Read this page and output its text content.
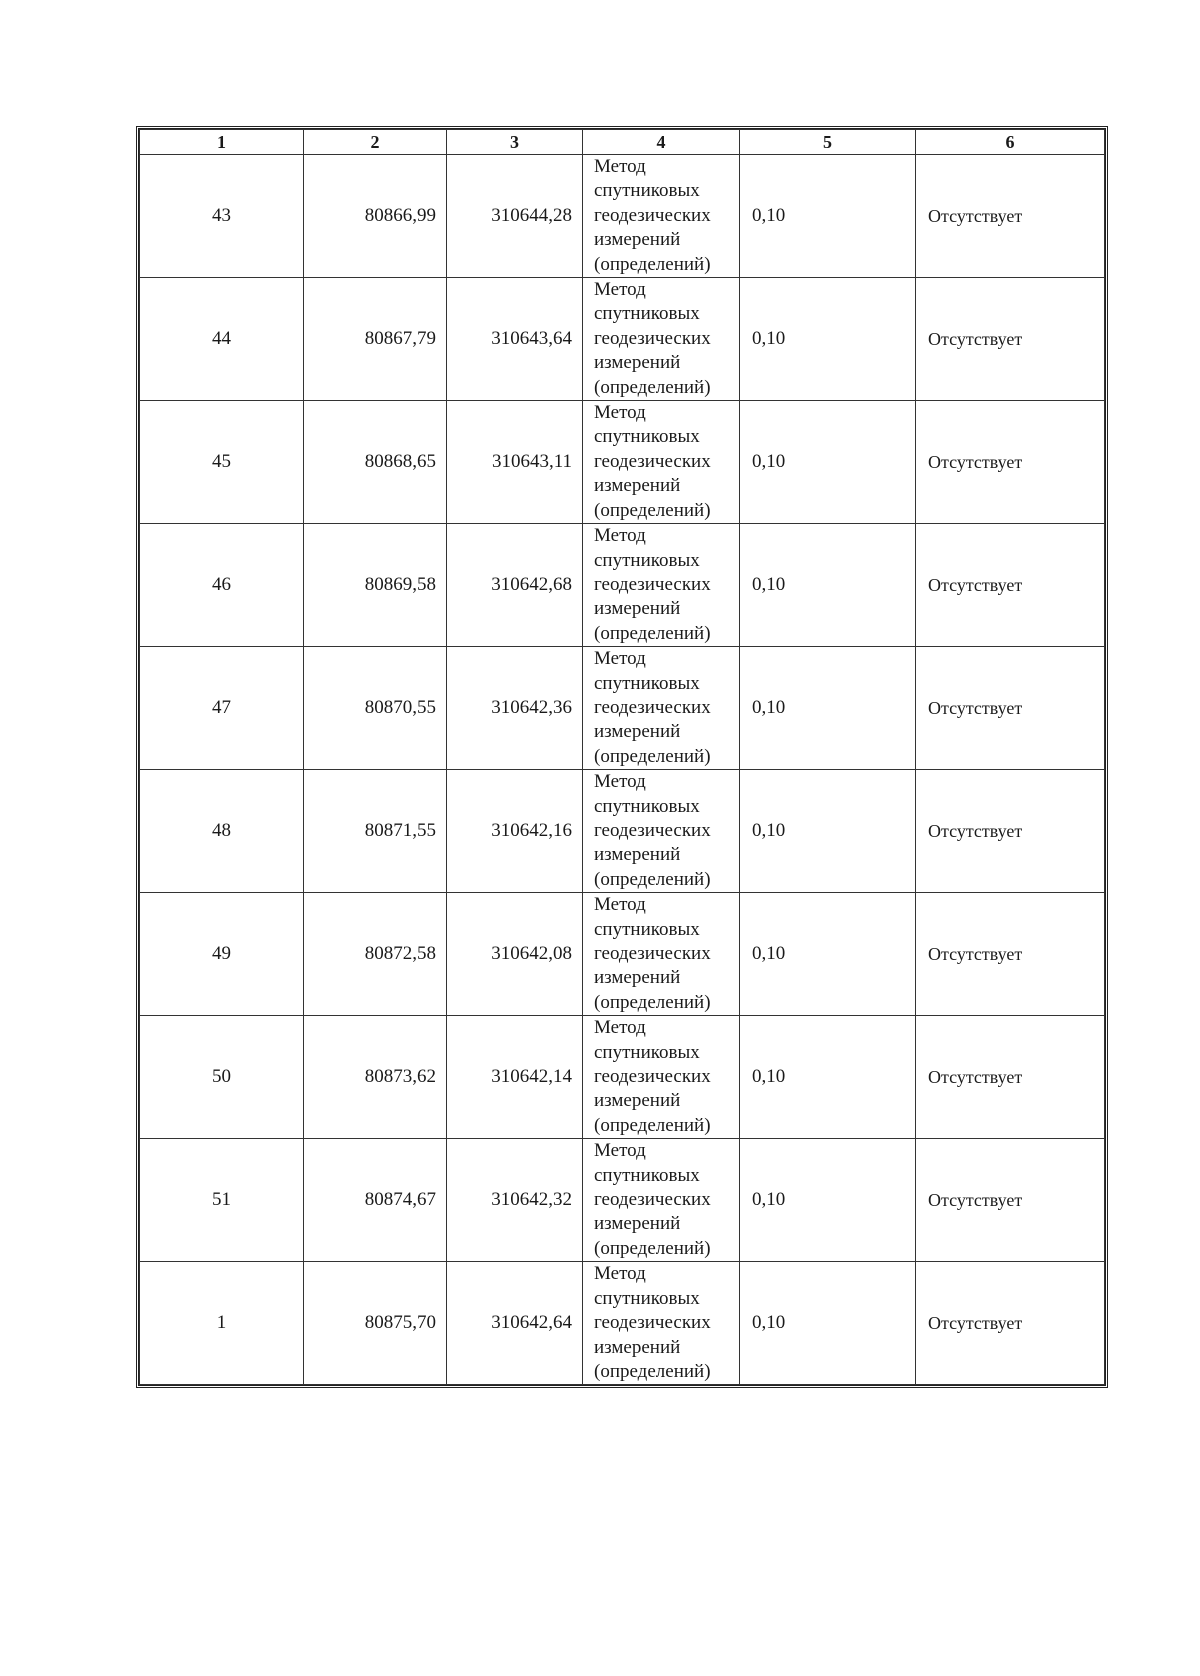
1	2	3	4	5	6
43	80866,99	310644,28	Метод
спутниковых
геодезических
измерений
(определений)	0,10	Отсутствует
44	80867,79	310643,64	Метод
спутниковых
геодезических
измерений
(определений)	0,10	Отсутствует
45	80868,65	310643,11	Метод
спутниковых
геодезических
измерений
(определений)	0,10	Отсутствует
46	80869,58	310642,68	Метод
спутниковых
геодезических
измерений
(определений)	0,10	Отсутствует
47	80870,55	310642,36	Метод
спутниковых
геодезических
измерений
(определений)	0,10	Отсутствует
48	80871,55	310642,16	Метод
спутниковых
геодезических
измерений
(определений)	0,10	Отсутствует
49	80872,58	310642,08	Метод
спутниковых
геодезических
измерений
(определений)	0,10	Отсутствует
50	80873,62	310642,14	Метод
спутниковых
геодезических
измерений
(определений)	0,10	Отсутствует
51	80874,67	310642,32	Метод
спутниковых
геодезических
измерений
(определений)	0,10	Отсутствует
1	80875,70	310642,64	Метод
спутниковых
геодезических
измерений
(определений)	0,10	Отсутствует
